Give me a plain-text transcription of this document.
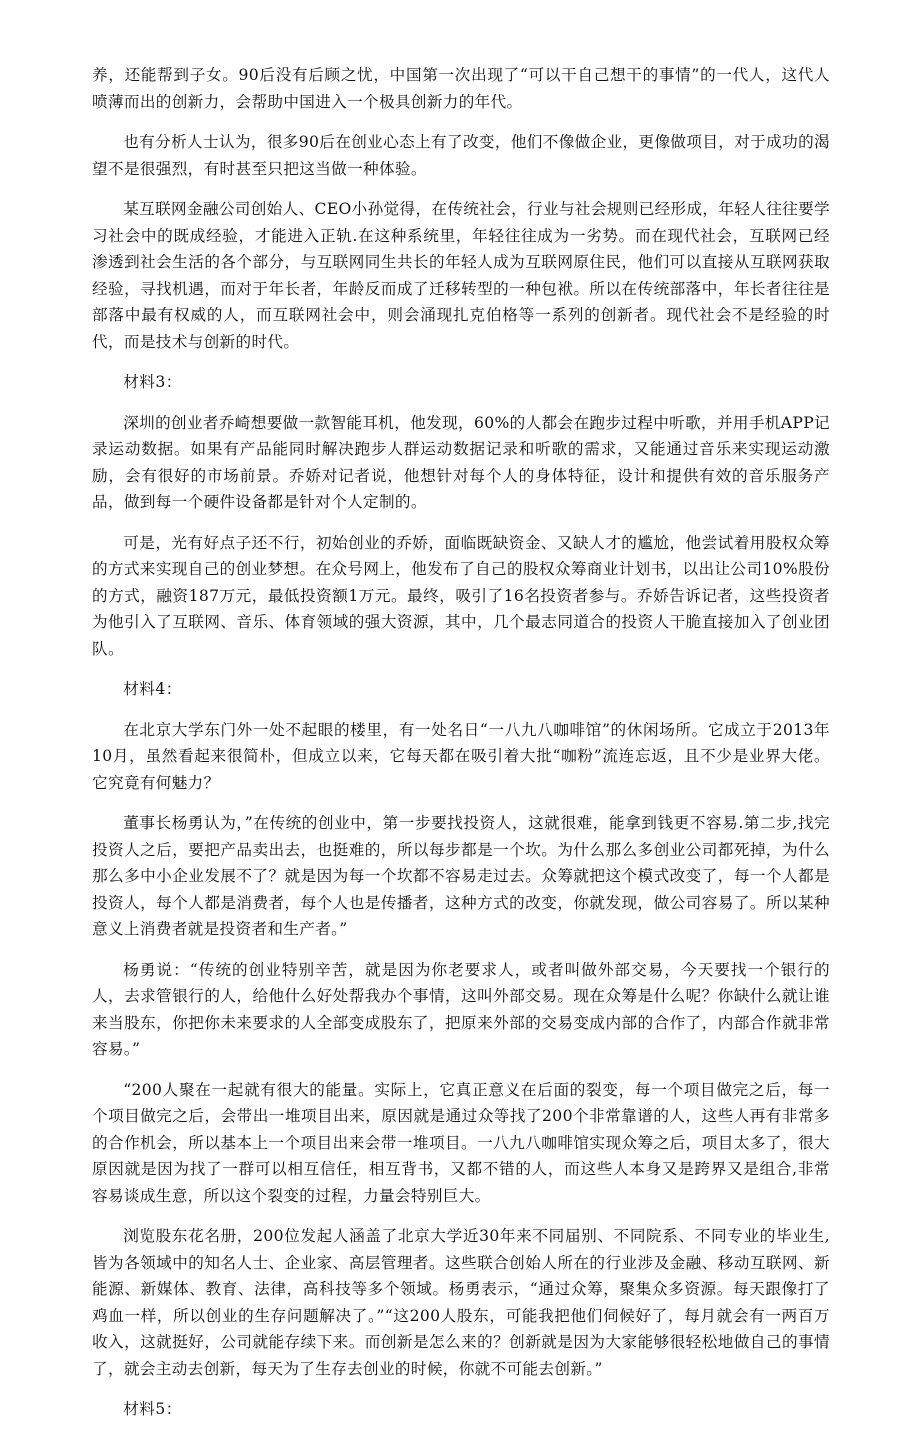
养，还能帮到子女。90后没有后顾之忧，中国第一次出现了“可以干自己想干的事情”的一代人，这代人喷薄而出的创新力，会帮助中国进入一个极具创新力的年代。

也有分析人士认为，很多90后在创业心态上有了改变，他们不像做企业，更像做项目，对于成功的渴望不是很强烈，有时甚至只把这当做一种体验。

某互联网金融公司创始人、CEO小孙觉得，在传统社会，行业与社会规则已经形成，年轻人往往要学习社会中的既成经验，才能进入正轨.在这种系统里，年轻往往成为一劣势。而在现代社会，互联网已经渗透到社会生活的各个部分，与互联网同生共长的年轻人成为互联网原住民，他们可以直接从互联网获取经验，寻找机遇，而对于年长者，年龄反而成了迁移转型的一种包袱。所以在传统部落中，年长者往往是部落中最有权威的人，而互联网社会中，则会涌现扎克伯格等一系列的创新者。现代社会不是经验的时代，而是技术与创新的时代。

材料3：

深圳的创业者乔崎想要做一款智能耳机，他发现，60%的人都会在跑步过程中听歌，并用手机APP记录运动数据。如果有产品能同时解决跑步人群运动数据记录和听歌的需求，又能通过音乐来实现运动激励，会有很好的市场前景。乔娇对记者说，他想针对每个人的身体特征，设计和提供有效的音乐服务产品，做到每一个硬件设备都是针对个人定制的。

可是，光有好点子还不行，初始创业的乔娇，面临既缺资金、又缺人才的尴尬，他尝试着用股权众筹的方式来实现自己的创业梦想。在众号网上，他发布了自己的股权众筹商业计划书，以出让公司10%股份的方式，融资187万元，最低投资额1万元。最终，吸引了16名投资者参与。乔娇告诉记者，这些投资者为他引入了互联网、音乐、体育领域的强大资源，其中，几个最志同道合的投资人干脆直接加入了创业团队。

材料4：

在北京大学东门外一处不起眼的楼里，有一处名日“一八九八咖啡馆”的休闲场所。它成立于2013年10月，虽然看起来很简朴，但成立以来，它每天都在吸引着大批“咖粉”流连忘返，且不少是业界大佬。它究竟有何魅力？

董事长杨勇认为，”在传统的创业中，第一步要找投资人，这就很难，能拿到钱更不容易.第二步,找完投资人之后，要把产品卖出去，也挺难的，所以每步都是一个坎。为什么那么多创业公司都死掉，为什么那么多中小企业发展不了？就是因为每一个坎都不容易走过去。众筹就把这个模式改变了，每一个人都是投资人，每个人都是消费者，每个人也是传播者，这种方式的改变，你就发现，做公司容易了。所以某种意义上消费者就是投资者和生产者。”

杨勇说：“传统的创业特别辛苦，就是因为你老要求人，或者叫做外部交易，今天要找一个银行的人，去求管银行的人，给他什么好处帮我办个事情，这叫外部交易。现在众筹是什么呢？你缺什么就让谁来当股东，你把你未来要求的人全部变成股东了，把原来外部的交易变成内部的合作了，内部合作就非常容易。”

“200人聚在一起就有很大的能量。实际上，它真正意义在后面的裂变，每一个项目做完之后，每一个项目做完之后，会带出一堆项目出来，原因就是通过众等找了200个非常靠谱的人，这些人再有非常多的合作机会，所以基本上一个项目出来会带一堆项目。一八九八咖啡馆实现众筹之后，项目太多了，很大原因就是因为找了一群可以相互信任，相互背书，又都不错的人，而这些人本身又是跨界又是组合,非常容易谈成生意，所以这个裂变的过程，力量会特别巨大。

浏览股东花名册，200位发起人涵盖了北京大学近30年来不同届别、不同院系、不同专业的毕业生,皆为各领域中的知名人士、企业家、高层管理者。这些联合创始人所在的行业涉及金融、移动互联网、新能源、新媒体、教育、法律，高科技等多个领域。杨勇表示，“通过众筹，聚集众多资源。每天跟像打了鸡血一样，所以创业的生存问题解决了。”“这200人股东，可能我把他们伺候好了，每月就会有一两百万收入，这就挺好，公司就能存续下来。而创新是怎么来的？创新就是因为大家能够很轻松地做自己的事情了，就会主动去创新，每天为了生存去创业的时候，你就不可能去创新。”

材料5：
